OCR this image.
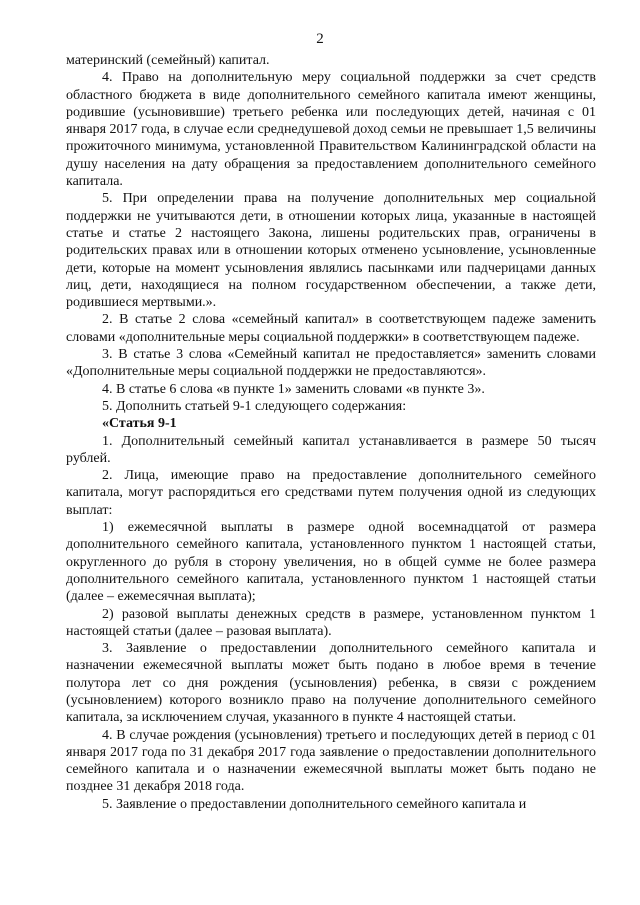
2

материнский (семейный) капитал.

4. Право на дополнительную меру социальной поддержки за счет средств областного бюджета в виде дополнительного семейного капитала имеют женщины, родившие (усыновившие) третьего ребенка или последующих детей, начиная с 01 января 2017 года, в случае если среднедушевой доход семьи не превышает 1,5 величины прожиточного минимума, установленной Правительством Калининградской области на душу населения на дату обращения за предоставлением дополнительного семейного капитала.

5. При определении права на получение дополнительных мер социальной поддержки не учитываются дети, в отношении которых лица, указанные в настоящей статье и статье 2 настоящего Закона, лишены родительских прав, ограничены в родительских правах или в отношении которых отменено усыновление, усыновленные дети, которые на момент усыновления являлись пасынками или падчерицами данных лиц, дети, находящиеся на полном государственном обеспечении, а также дети, родившиеся мертвыми.».

2. В статье 2 слова «семейный капитал» в соответствующем падеже заменить словами «дополнительные меры социальной поддержки» в соответствующем падеже.

3. В статье 3 слова «Семейный капитал не предоставляется» заменить словами «Дополнительные меры социальной поддержки не предоставляются».

4. В статье 6 слова «в пункте 1» заменить словами «в пункте 3».

5. Дополнить статьей 9-1 следующего содержания:

«Статья 9-1

1. Дополнительный семейный капитал устанавливается в размере 50 тысяч рублей.

2. Лица, имеющие право на предоставление дополнительного семейного капитала, могут распорядиться его средствами путем получения одной из следующих выплат:

1) ежемесячной выплаты в размере одной восемнадцатой от размера дополнительного семейного капитала, установленного пунктом 1 настоящей статьи, округленного до рубля в сторону увеличения, но в общей сумме не более размера дополнительного семейного капитала, установленного пунктом 1 настоящей статьи (далее – ежемесячная выплата);

2) разовой выплаты денежных средств в размере, установленном пунктом 1 настоящей статьи (далее – разовая выплата).

3. Заявление о предоставлении дополнительного семейного капитала и назначении ежемесячной выплаты может быть подано в любое время в течение полутора лет со дня рождения (усыновления) ребенка, в связи с рождением (усыновлением) которого возникло право на получение дополнительного семейного капитала, за исключением случая, указанного в пункте 4 настоящей статьи.

4. В случае рождения (усыновления) третьего и последующих детей в период с 01 января 2017 года по 31 декабря 2017 года заявление о предоставлении дополнительного семейного капитала и о назначении ежемесячной выплаты может быть подано не позднее 31 декабря 2018 года.

5. Заявление о предоставлении дополнительного семейного капитала и
